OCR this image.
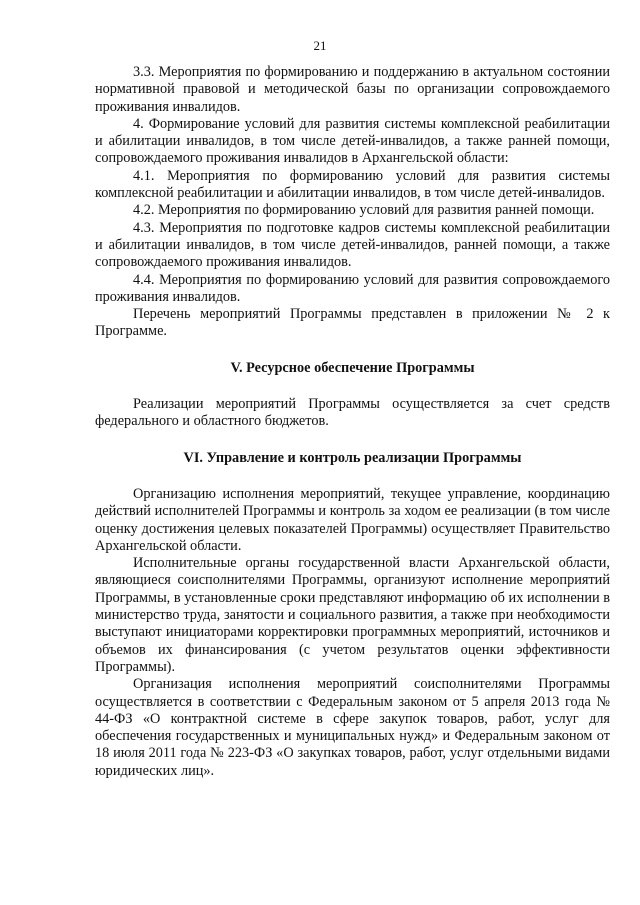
21

3.3. Мероприятия по формированию и поддержанию в актуальном состоянии нормативной правовой и методической базы по организации сопровождаемого проживания инвалидов.

4. Формирование условий для развития системы комплексной реабилитации и абилитации инвалидов, в том числе детей-инвалидов, а также ранней помощи, сопровождаемого проживания инвалидов в Архангельской области:

4.1. Мероприятия по формированию условий для развития системы комплексной реабилитации и абилитации инвалидов, в том числе детей-инвалидов.

4.2. Мероприятия по формированию условий для развития ранней помощи.

4.3. Мероприятия по подготовке кадров системы комплексной реабилитации и абилитации инвалидов, в том числе детей-инвалидов, ранней помощи, а также сопровождаемого проживания инвалидов.

4.4. Мероприятия по формированию условий для развития сопровождаемого проживания инвалидов.

Перечень мероприятий Программы представлен в приложении № 2 к Программе.

V. Ресурсное обеспечение Программы

Реализации мероприятий Программы осуществляется за счет средств федерального и областного бюджетов.

VI. Управление и контроль реализации Программы

Организацию исполнения мероприятий, текущее управление, координацию действий исполнителей Программы и контроль за ходом ее реализации (в том числе оценку достижения целевых показателей Программы) осуществляет Правительство Архангельской области.

Исполнительные органы государственной власти Архангельской области, являющиеся соисполнителями Программы, организуют исполнение мероприятий Программы, в установленные сроки представляют информацию об их исполнении в министерство труда, занятости и социального развития, а также при необходимости выступают инициаторами корректировки программных мероприятий, источников и объемов их финансирования (с учетом результатов оценки эффективности Программы).

Организация исполнения мероприятий соисполнителями Программы осуществляется в соответствии с Федеральным законом от 5 апреля 2013 года № 44-ФЗ «О контрактной системе в сфере закупок товаров, работ, услуг для обеспечения государственных и муниципальных нужд» и Федеральным законом от 18 июля 2011 года № 223-ФЗ «О закупках товаров, работ, услуг отдельными видами юридических лиц».
